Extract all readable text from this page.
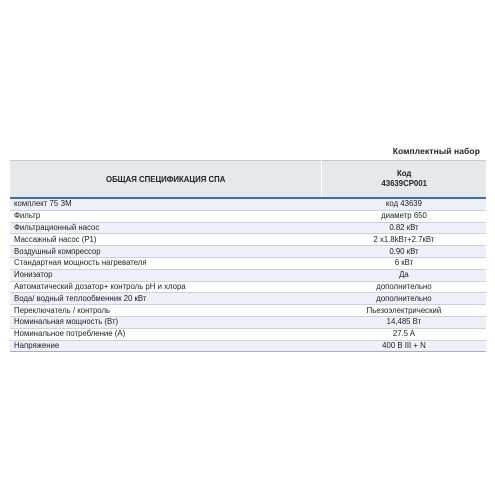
Комплектный набор
ОБЩАЯ СПЕЦИФИКАЦИЯ СПА	Код
43639CP001

комплект 75 ЗМ	код 43639
Фильтр	диаметр 650
Фильтрационный насос	0.82 кВт
Массажный насос (P1)	2 x1.8kВт+2.7кВт
Воздушный компрессор	0.90 кВт
Стандартная мощность нагревателя	6 кВт
Ионизатор	Да
Автоматический дозатор+ контроль pH и хлора	дополнительно
Вода/ водный теплообменник 20 кВт	дополнительно
Переключатель / контроль	Пьезоэлектрический
Номинальная мощность (Вт)	14,485 Вт
Номинальное потребление (А)	27.5 A
Напряжение	400 В III + N
